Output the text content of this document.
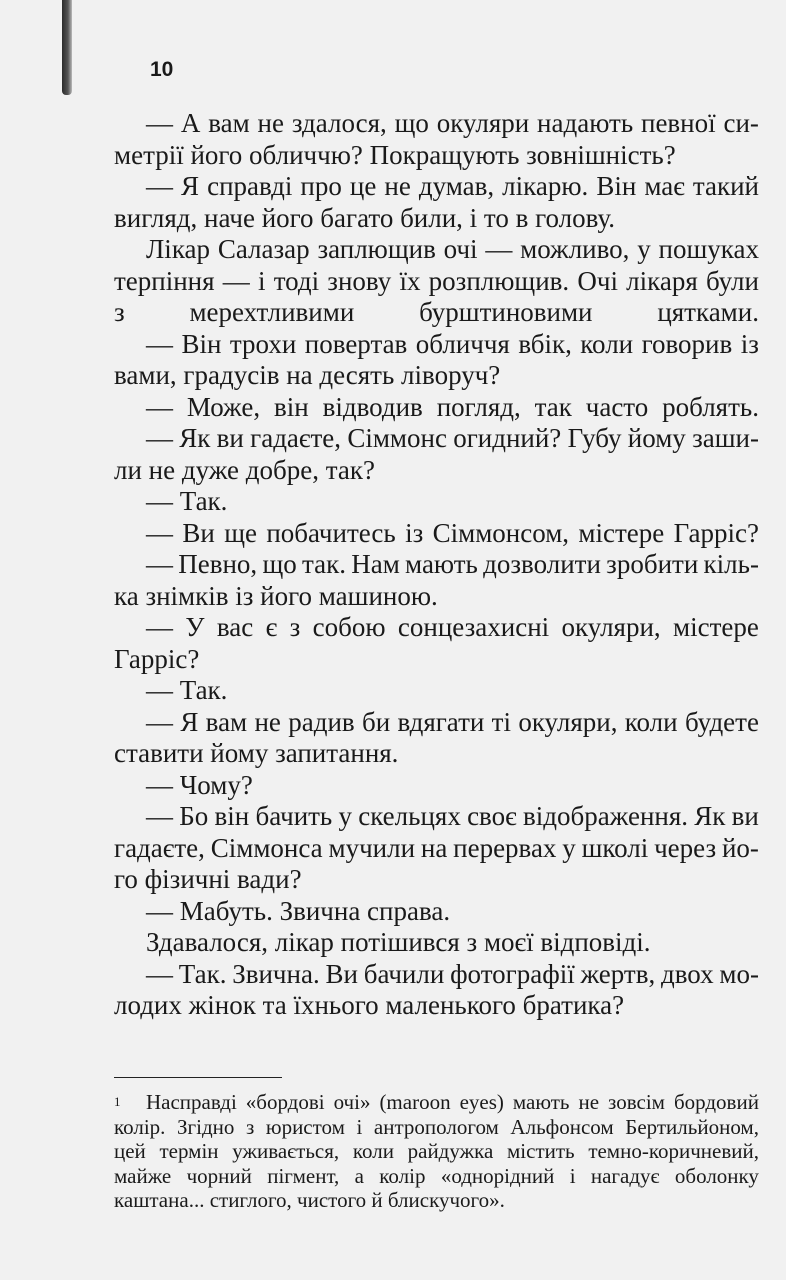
10
— А вам не здалося, що окуляри надають певної си-
метрії його обличчю? Покращують зовнішність?
— Я справді про це не думав, лікарю. Він має такий
вигляд, наче його багато били, і то в голову.
Лікар Салазар заплющив очі — можливо, у пошуках
терпіння — і тоді знову їх розплющив. Очі лікаря були
з мерехтливими бурштиновими цятками.
— Він трохи повертав обличчя вбік, коли говорив із
вами, градусів на десять ліворуч?
— Може, він відводив погляд, так часто роблять.
— Як ви гадаєте, Сіммонс огидний? Губу йому заши-
ли не дуже добре, так?
— Так.
— Ви ще побачитесь із Сіммонсом, містере Гарріс?
— Певно, що так. Нам мають дозволити зробити кіль-
ка знімків із його машиною.
— У вас є з собою сонцезахисні окуляри, містере
Гарріс?
— Так.
— Я вам не радив би вдягати ті окуляри, коли будете
ставити йому запитання.
— Чому?
— Бо він бачить у скельцях своє відображення. Як ви
гадаєте, Сіммонса мучили на перервах у школі через йо-
го фізичні вади?
— Мабуть. Звична справа.
Здавалося, лікар потішився з моєї відповіді.
— Так. Звична. Ви бачили фотографії жертв, двох мо-
лодих жінок та їхнього маленького братика?
1 Насправді «бордові очі» (maroon eyes) мають не зовсім бордовий
колір. Згідно з юристом і антропологом Альфонсом Бертильйоном,
цей термін уживається, коли райдужка містить темно-коричневий,
майже чорний пігмент, а колір «однорідний і нагадує оболонку
каштана... стиглого, чистого й блискучого».
